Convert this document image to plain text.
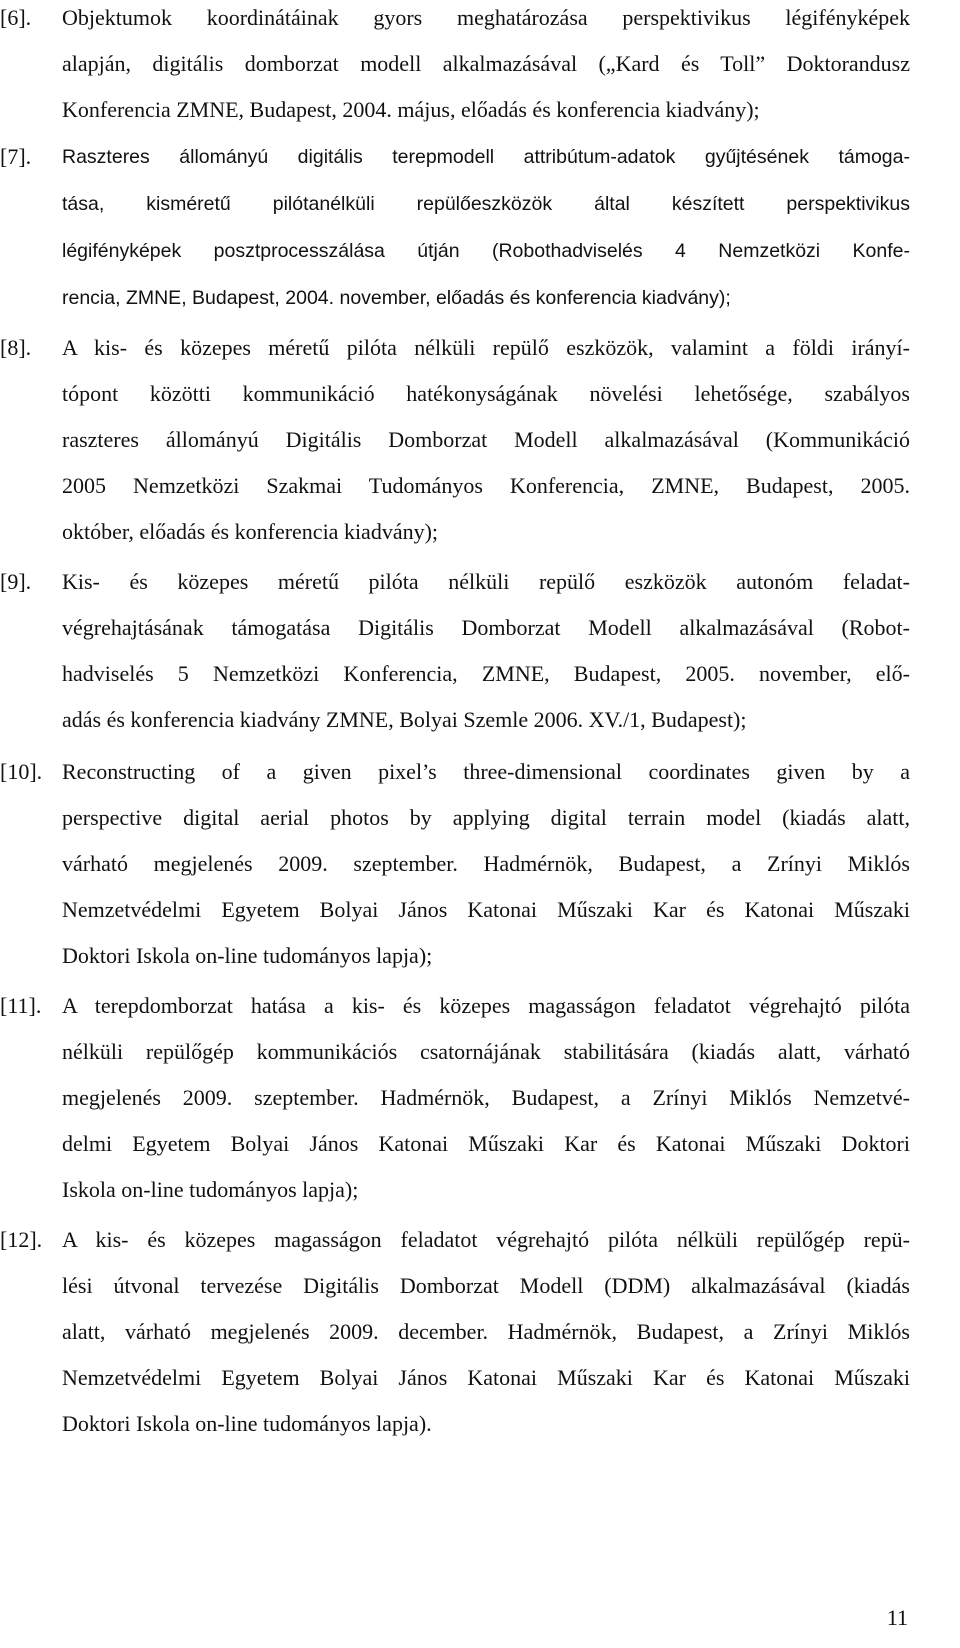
[6]. Objektumok koordinátáinak gyors meghatározása perspektivikus légifényképek
alapján, digitális domborzat modell alkalmazásával („Kard és Toll” Doktorandusz
Konferencia ZMNE, Budapest, 2004. május, előadás és konferencia kiadvány);
[7]. Raszteres állományú digitális terepmodell attribútum-adatok gyűjtésének támoga-
tása, kisméretű pilótanélküli repülőeszközök által készített perspektivikus
légifényképek posztprocesszálása útján (Robothadviselés 4 Nemzetközi Konfe-
rencia, ZMNE, Budapest, 2004. november, előadás és konferencia kiadvány);
[8]. A kis- és közepes méretű pilóta nélküli repülő eszközök, valamint a földi irányí-
tópont közötti kommunikáció hatékonyságának növelési lehetősége, szabályos
raszteres állományú Digitális Domborzat Modell alkalmazásával (Kommunikáció
2005 Nemzetközi Szakmai Tudományos Konferencia, ZMNE, Budapest, 2005.
október, előadás és konferencia kiadvány);
[9]. Kis- és közepes méretű pilóta nélküli repülő eszközök autonóm feladat-
végrehajtásának támogatása Digitális Domborzat Modell alkalmazásával (Robot-
hadviselés 5 Nemzetközi Konferencia, ZMNE, Budapest, 2005. november, elő-
adás és konferencia kiadvány ZMNE, Bolyai Szemle 2006. XV./1, Budapest);
[10]. Reconstructing of a given pixel’s three-dimensional coordinates given by a
perspective digital aerial photos by applying digital terrain model (kiadás alatt,
várható megjelenés 2009. szeptember. Hadmérnök, Budapest, a Zrínyi Miklós
Nemzetvédelmi Egyetem Bolyai János Katonai Műszaki Kar és Katonai Műszaki
Doktori Iskola on-line tudományos lapja);
[11]. A terepdomborzat hatása a kis- és közepes magasságon feladatot végrehajtó pilóta
nélküli repülőgép kommunikációs csatornájának stabilitására (kiadás alatt, várható
megjelenés 2009. szeptember. Hadmérnök, Budapest, a Zrínyi Miklós Nemzetvé-
delmi Egyetem Bolyai János Katonai Műszaki Kar és Katonai Műszaki Doktori
Iskola on-line tudományos lapja);
[12]. A kis- és közepes magasságon feladatot végrehajtó pilóta nélküli repülőgép repü-
lési útvonal tervezése Digitális Domborzat Modell (DDM) alkalmazásával (kiadás
alatt, várható megjelenés 2009. december. Hadmérnök, Budapest, a Zrínyi Miklós
Nemzetvédelmi Egyetem Bolyai János Katonai Műszaki Kar és Katonai Műszaki
Doktori Iskola on-line tudományos lapja).
11
